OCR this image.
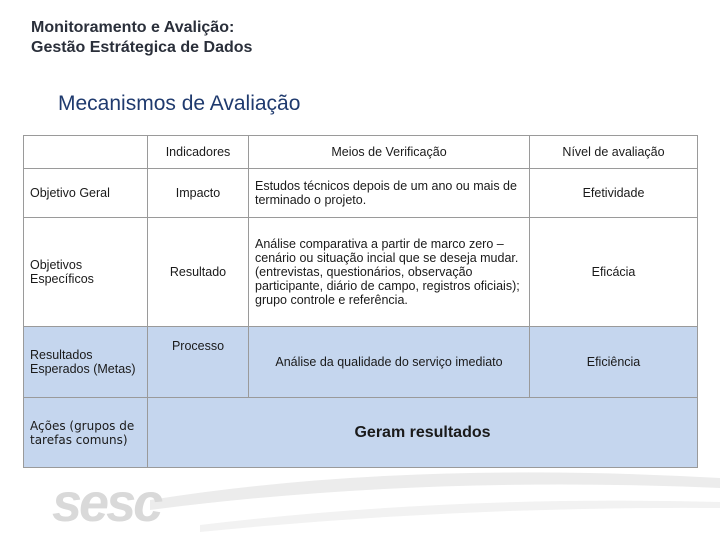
Monitoramento e Avalição:
Gestão Estrátegica de Dados
Mecanismos de Avaliação
	Indicadores	Meios de Verificação	Nível de avaliação
Objetivo Geral	Impacto	Estudos técnicos depois de um ano ou mais de terminado o projeto.	Efetividade
Objetivos Específicos	Resultado	Análise comparativa a partir de marco zero – cenário ou situação incial que se deseja mudar. (entrevistas, questionários, observação participante, diário de campo, registros oficiais); grupo controle e referência.	Eficácia
Resultados Esperados (Metas)	Processo	Análise da qualidade do serviço imediato	Eficiência
Ações (grupos de tarefas comuns)	Geram resultados		
sesc
